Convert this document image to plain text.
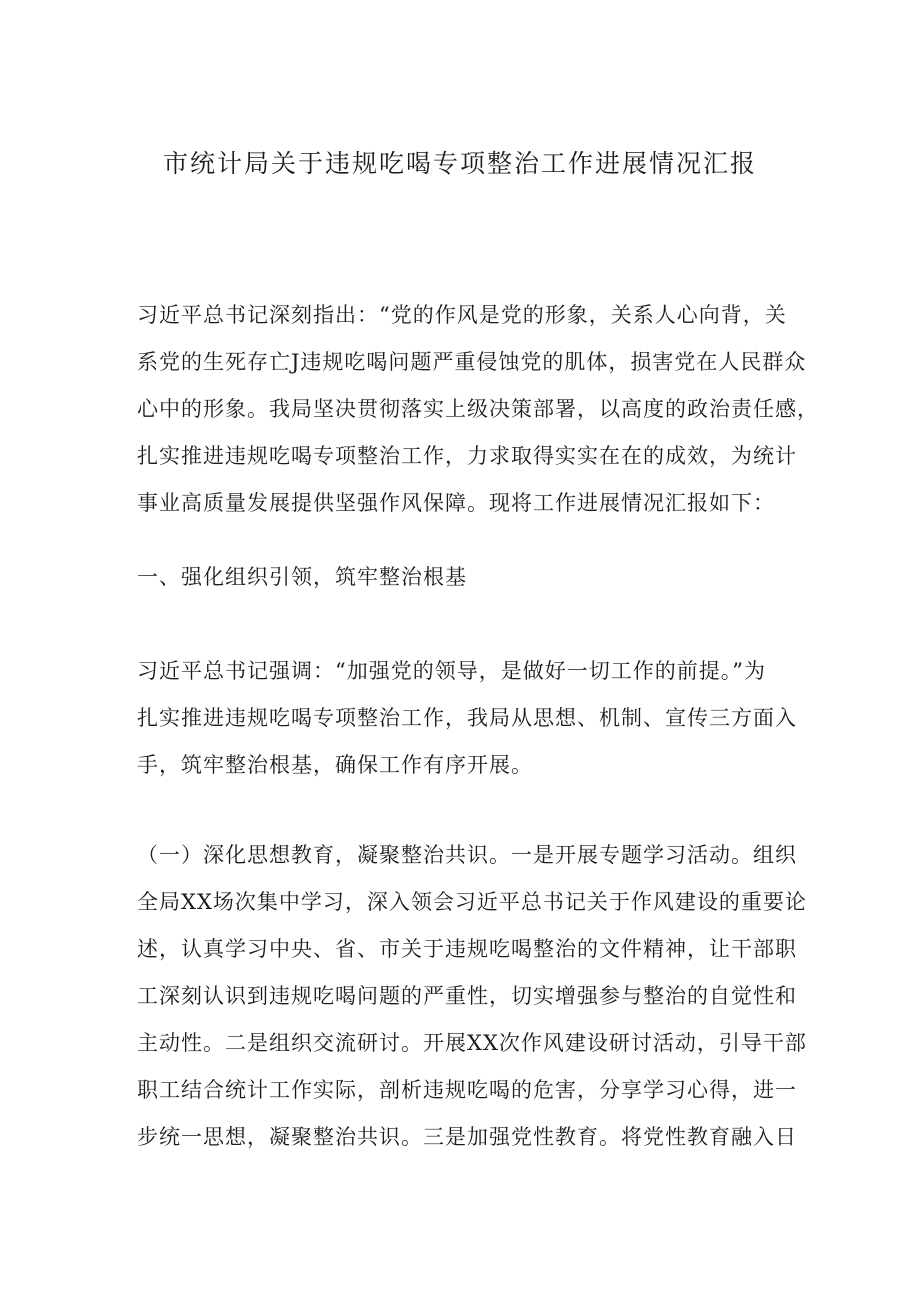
市统计局关于违规吃喝专项整治工作进展情况汇报
习近平总书记深刻指出：“党的作风是党的形象，关系人心向背，关
系党的生死存亡J违规吃喝问题严重侵蚀党的肌体，损害党在人民群众
心中的形象。我局坚决贯彻落实上级决策部署，以高度的政治责任感，
扎实推进违规吃喝专项整治工作，力求取得实实在在的成效，为统计
事业高质量发展提供坚强作风保障。现将工作进展情况汇报如下：
一、强化组织引领，筑牢整治根基
习近平总书记强调：“加强党的领导，是做好一切工作的前提。”为
扎实推进违规吃喝专项整治工作，我局从思想、机制、宣传三方面入
手，筑牢整治根基，确保工作有序开展。
（一）深化思想教育，凝聚整治共识。一是开展专题学习活动。组织
全局XX场次集中学习，深入领会习近平总书记关于作风建设的重要论
述，认真学习中央、省、市关于违规吃喝整治的文件精神，让干部职
工深刻认识到违规吃喝问题的严重性，切实增强参与整治的自觉性和
主动性。二是组织交流研讨。开展XX次作风建设研讨活动，引导干部
职工结合统计工作实际，剖析违规吃喝的危害，分享学习心得，进一
步统一思想，凝聚整治共识。三是加强党性教育。将党性教育融入日
